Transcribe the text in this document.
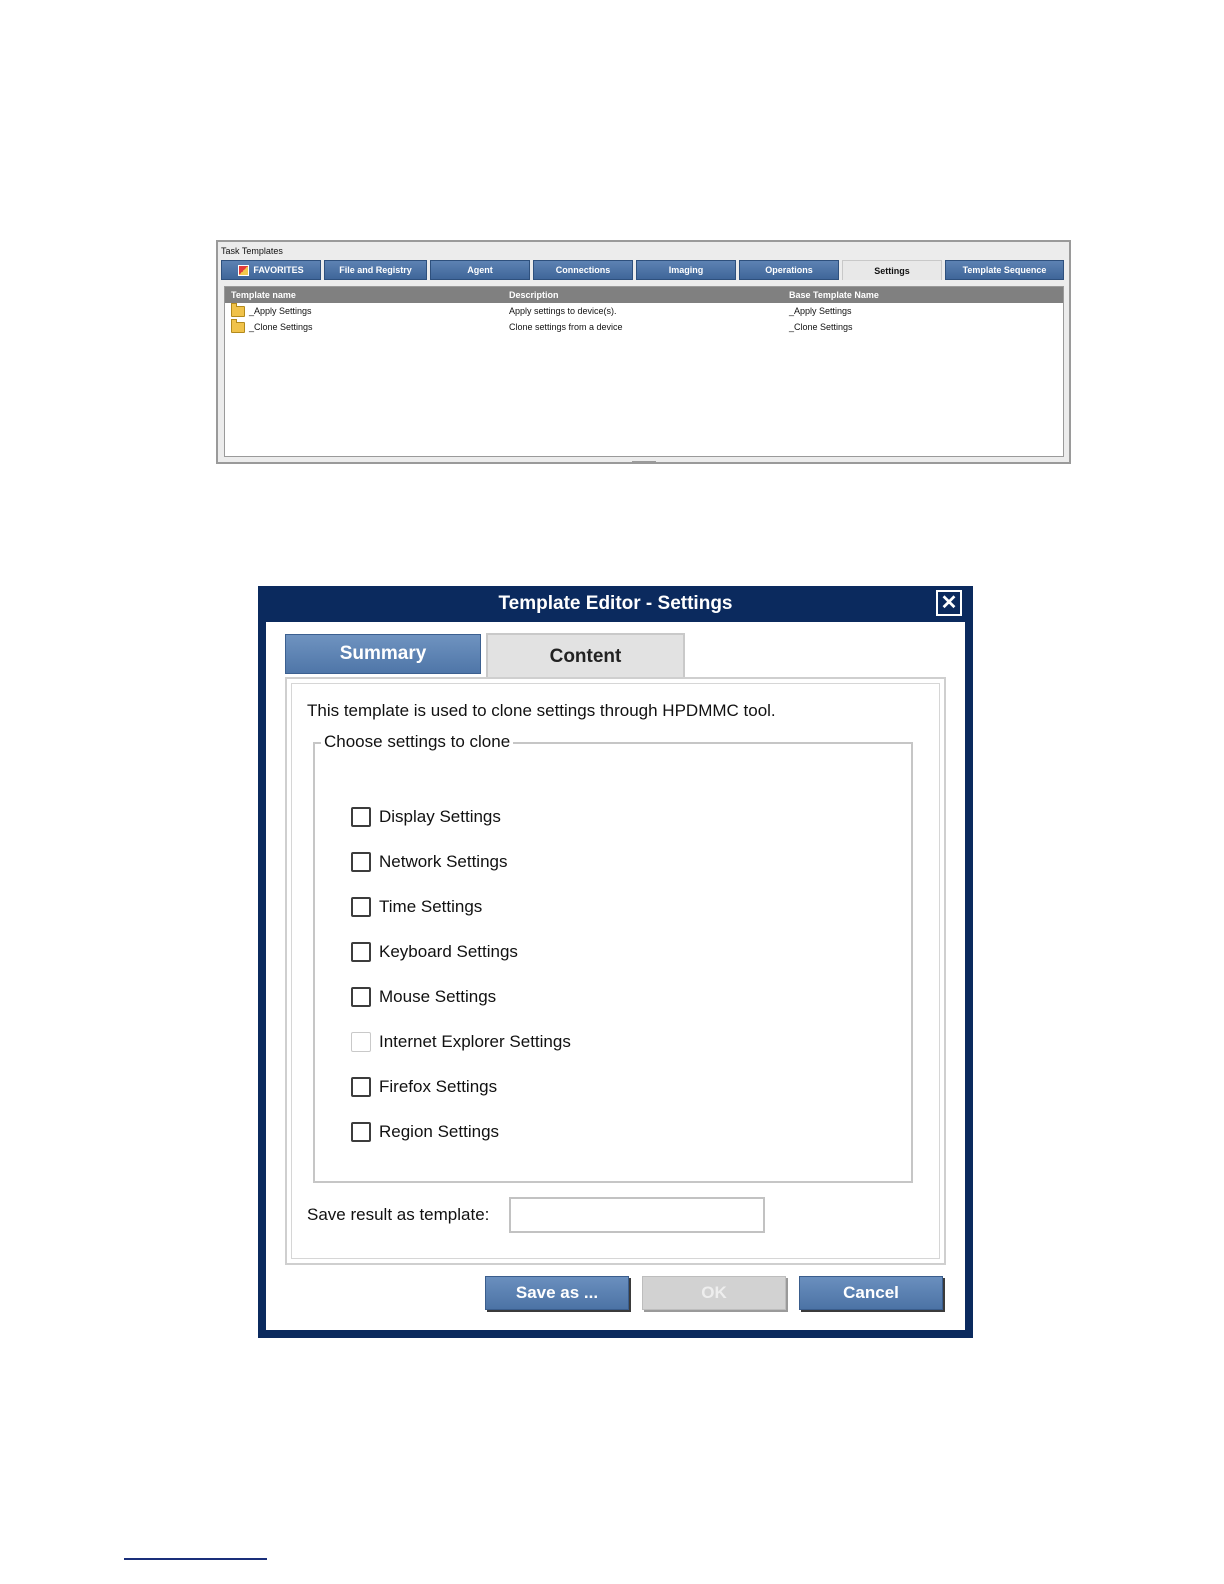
Task Templates
FAVORITES	File and Registry	Agent	Connections	Imaging	Operations	Settings	Template Sequence
Template name	Description	Base Template Name
_Apply Settings	Apply settings to device(s).	_Apply Settings
_Clone Settings	Clone settings from a device	_Clone Settings
Template Editor - Settings	✕
Summary	Content
This template is used to clone settings through HPDMMC tool.
Choose settings to clone
Display Settings
Network Settings
Time Settings
Keyboard Settings
Mouse Settings
Internet Explorer Settings
Firefox Settings
Region Settings
Save result as template:
Save as ...	OK	Cancel
